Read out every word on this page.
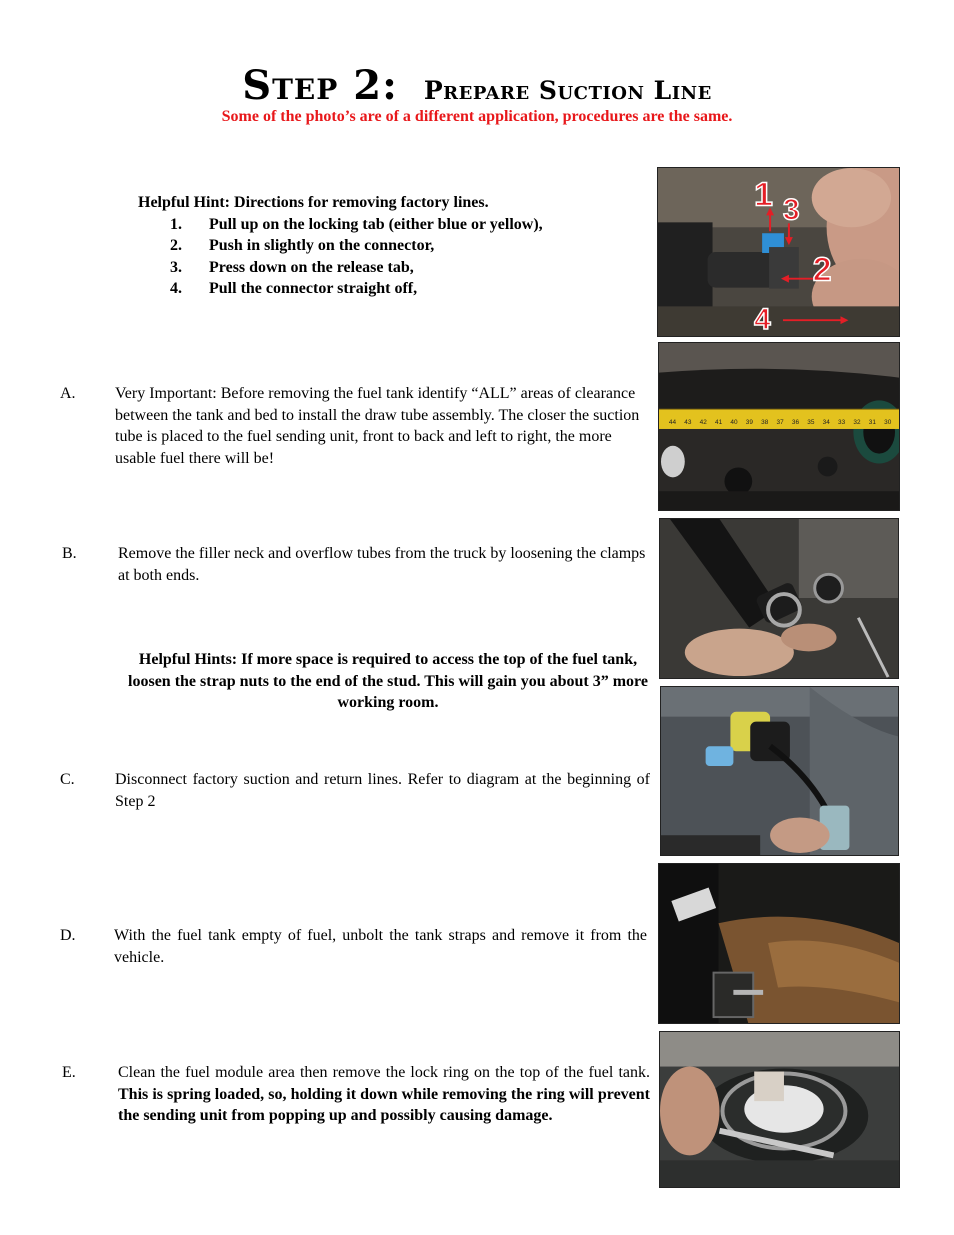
Step 2: Prepare Suction Line
Some of the photo’s are of a different application, procedures are the same.
Helpful Hint: Directions for removing factory lines.
1.	Pull up on the locking tab (either blue or yellow),
2.	Push in slightly on the connector,
3.	Press down on the release tab,
4.	Pull the connector straight off,
A. Very Important: Before removing the fuel tank identify “ALL” areas of clearance between the tank and bed to install the draw tube assembly. The closer the suction tube is placed to the fuel sending unit, front to back and left to right, the more usable fuel there will be!
B.	Remove the filler neck and overflow tubes from the truck by loosening the clamps at both ends.
Helpful Hints: If more space is required to access the top of the fuel tank, loosen the strap nuts to the end of the stud. This will gain you about 3” more working room.
C.	Disconnect factory suction and return lines. Refer to diagram at the beginning of Step 2
D. With the fuel tank empty of fuel, unbolt the tank straps and remove it from the vehicle.
E.	Clean the fuel module area then remove the lock ring on the top of the fuel tank. This is spring loaded, so, holding it down while removing the ring will prevent the sending unit from popping up and possibly causing damage.
1
2
3
4
44 43 42 41 40 39 38 37 36 35 34 33 32 31 30
